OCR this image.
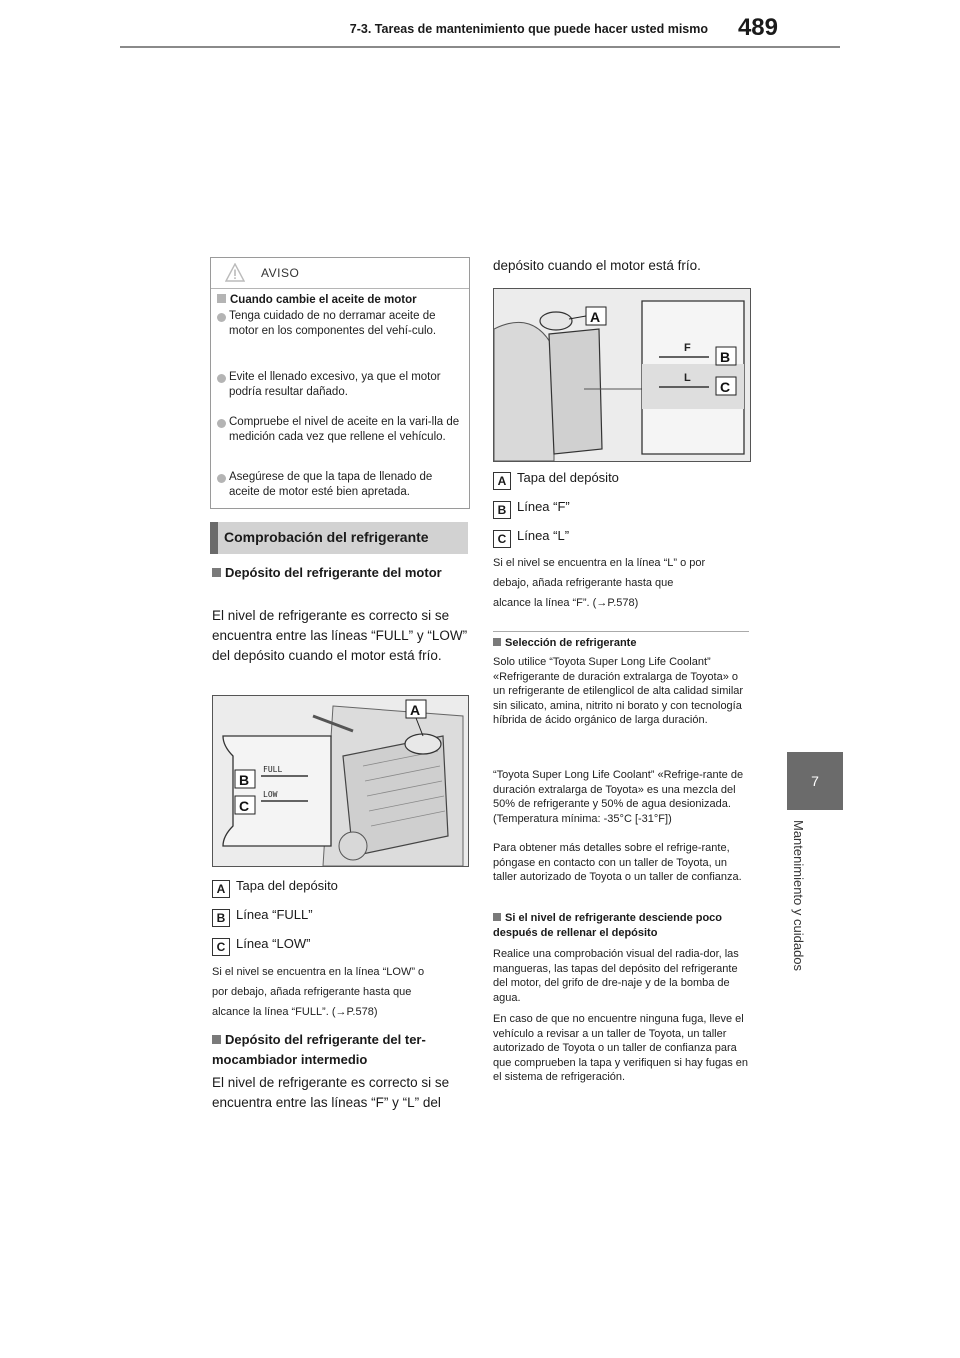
7-3. Tareas de mantenimiento que puede hacer usted mismo	489
7
Mantenimiento y cuidados
AVISO
Cuando cambie el aceite de motor
Tenga cuidado de no derramar aceite de motor en los componentes del vehí-culo.
Evite el llenado excesivo, ya que el motor podría resultar dañado.
Compruebe el nivel de aceite en la vari-lla de medición cada vez que rellene el vehículo.
Asegúrese de que la tapa de llenado de aceite de motor esté bien apretada.
Comprobación del refrigerante
Depósito del refrigerante del motor
El nivel de refrigerante es correcto si se encuentra entre las líneas “FULL” y “LOW” del depósito cuando el motor está frío.
FULL
LOW
A
B
C
A Tapa del depósito
B Línea “FULL”
C Línea “LOW”
Si el nivel se encuentra en la línea “LOW” o
por debajo, añada refrigerante hasta que
alcance la línea “FULL”. (→P.578)
Depósito del refrigerante del ter-mocambiador intermedio
El nivel de refrigerante es correcto si se
encuentra entre las líneas “F” y “L” del
depósito cuando el motor está frío.
F
L
A
B
C
A Tapa del depósito
B Línea “F”
C Línea “L”
Si el nivel se encuentra en la línea “L” o por
debajo, añada refrigerante hasta que
alcance la línea “F”. (→P.578)
Selección de refrigerante
Solo utilice “Toyota Super Long Life Coolant” «Refrigerante de duración extralarga de Toyota» o un refrigerante de etilenglicol de alta calidad similar sin silicato, amina, nitrito ni borato y con tecnología híbrida de ácido orgánico de larga duración.
“Toyota Super Long Life Coolant” «Refrige-rante de duración extralarga de Toyota» es una mezcla del 50% de refrigerante y 50% de agua desionizada. (Temperatura mínima: -35°C [-31°F])
Para obtener más detalles sobre el refrige-rante, póngase en contacto con un taller de Toyota, un taller autorizado de Toyota o un taller de confianza.
Si el nivel de refrigerante desciende poco después de rellenar el depósito
Realice una comprobación visual del radia-dor, las mangueras, las tapas del depósito del refrigerante del motor, del grifo de dre-naje y de la bomba de agua.
En caso de que no encuentre ninguna fuga, lleve el vehículo a revisar a un taller de Toyota, un taller autorizado de Toyota o un taller de confianza para que comprueben la tapa y verifiquen si hay fugas en el sistema de refrigeración.
